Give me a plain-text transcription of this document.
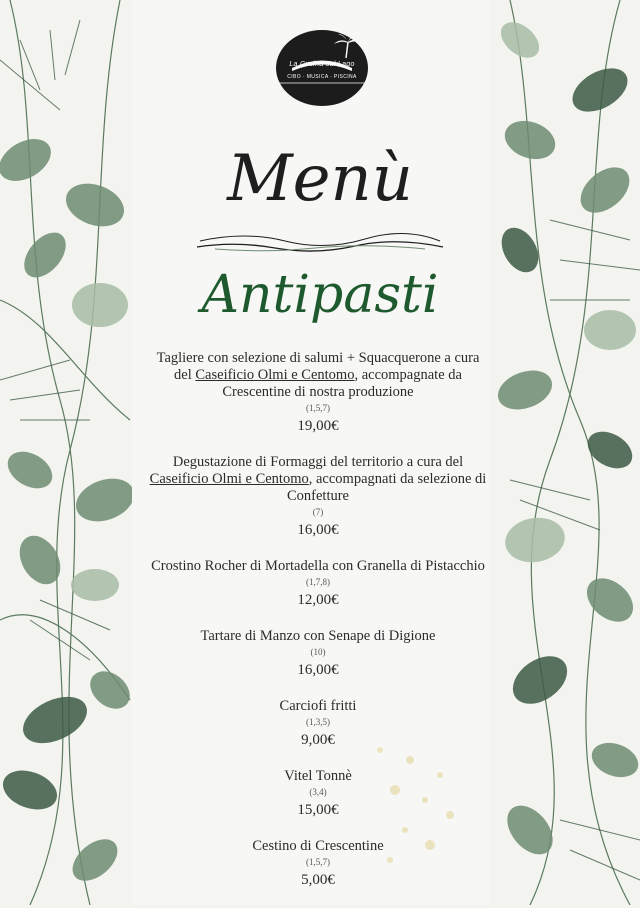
La Cucina sul Lago
CIBO · MUSICA · PISCINA
Menù
Antipasti
Tagliere con selezione di salumi + Squacquerone a cura del Caseificio Olmi e Centomo, accompagnate da Crescentine di nostra produzione
(1,5,7)
19,00€
Degustazione di Formaggi del territorio a cura del Caseificio Olmi e Centomo, accompagnati da selezione di Confetture
(7)
16,00€
Crostino Rocher di Mortadella con Granella di Pistacchio
(1,7,8)
12,00€
Tartare di Manzo con Senape di Digione
(10)
16,00€
Carciofi fritti
(1,3,5)
9,00€
Vitel Tonnè
(3,4)
15,00€
Cestino di Crescentine
(1,5,7)
5,00€
